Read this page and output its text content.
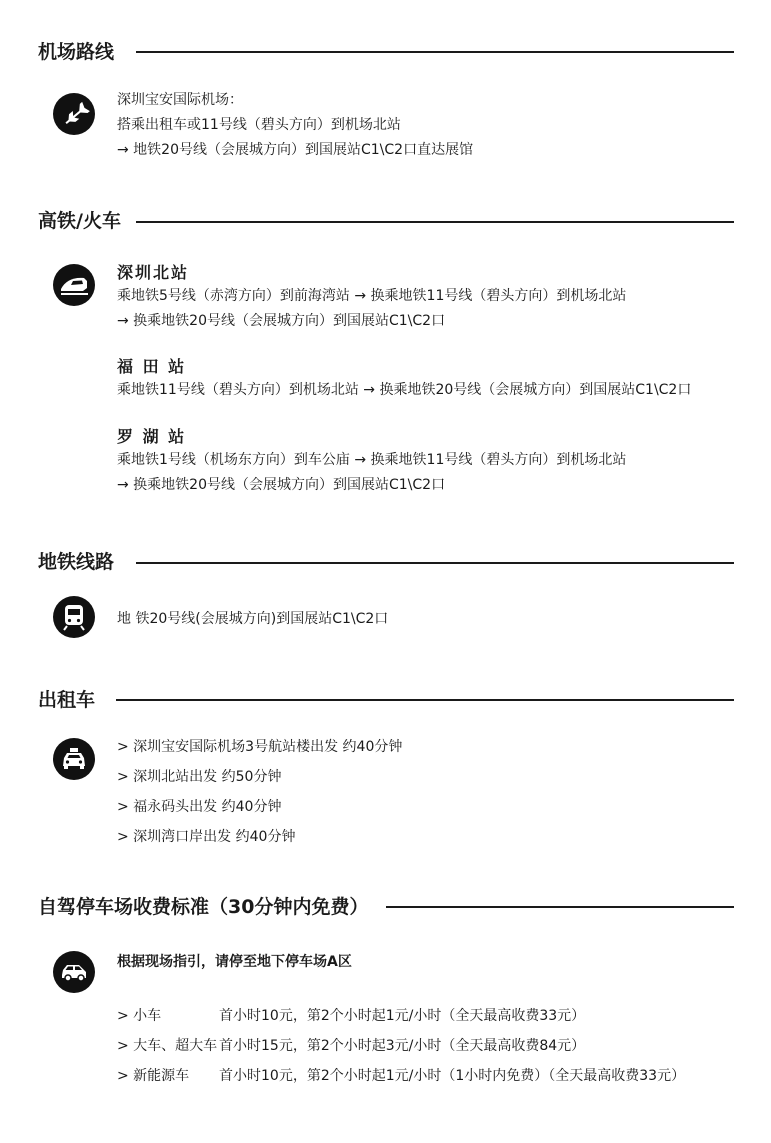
机场路线
深圳宝安国际机场：
搭乘出租车或11号线（碧头方向）到机场北站
→ 地铁20号线（会展城方向）到国展站C1\C2口直达展馆
高铁/火车
深圳北站
乘地铁5号线（赤湾方向）到前海湾站 → 换乘地铁11号线（碧头方向）到机场北站
→ 换乘地铁20号线（会展城方向）到国展站C1\C2口
福 田 站
乘地铁11号线（碧头方向）到机场北站 → 换乘地铁20号线（会展城方向）到国展站C1\C2口
罗 湖 站
乘地铁1号线（机场东方向）到车公庙 → 换乘地铁11号线（碧头方向）到机场北站
→ 换乘地铁20号线（会展城方向）到国展站C1\C2口
地铁线路
地 铁20号线(会展城方向)到国展站C1\C2口
出租车
> 深圳宝安国际机场3号航站楼出发 约40分钟
> 深圳北站出发 约50分钟
> 福永码头出发 约40分钟
> 深圳湾口岸出发 约40分钟
自驾停车场收费标准（30分钟内免费）
根据现场指引，请停至地下停车场A区
> 小车	首小时10元，第2个小时起1元/小时（全天最高收费33元）
> 大车、超大车 首小时15元，第2个小时起3元/小时（全天最高收费84元）
> 新能源车 首小时10元，第2个小时起1元/小时（1小时内免费）（全天最高收费33元）
